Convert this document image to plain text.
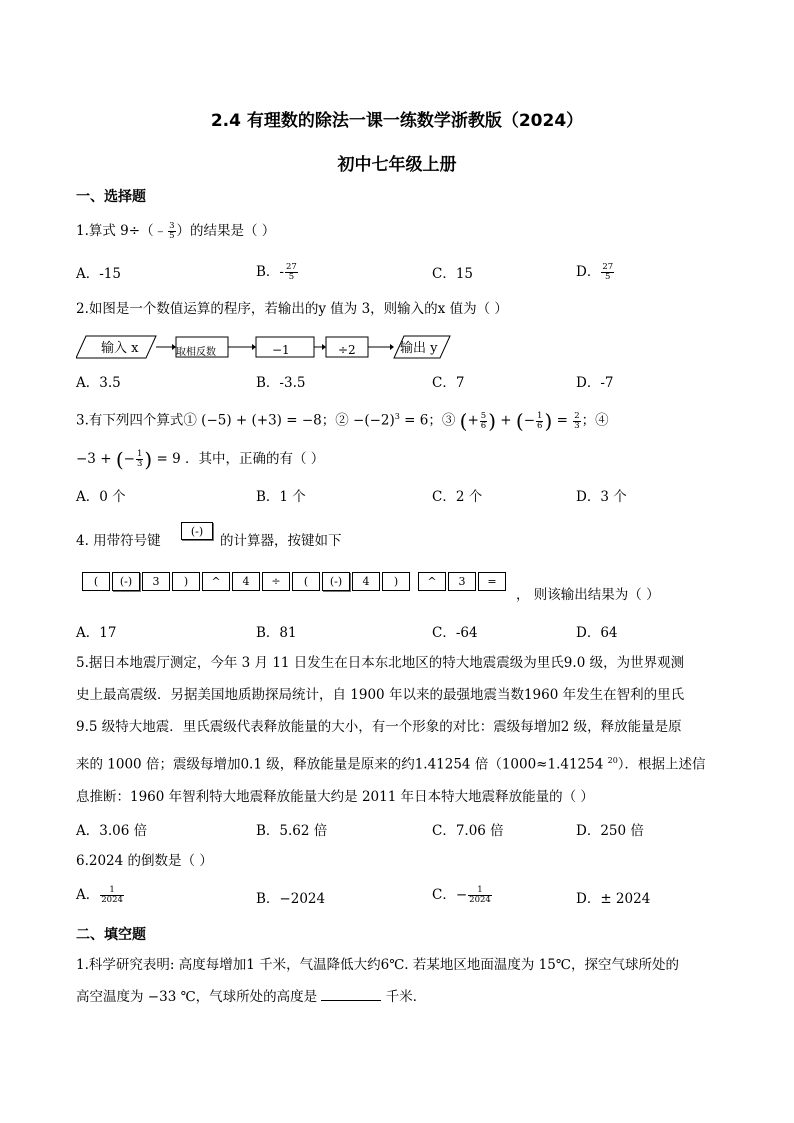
2.4 有理数的除法一课一练数学浙教版（2024）
初中七年级上册
一、选择题
1.算式 9÷（﹣ $\frac{3}{5}$ ）的结果是（ ）
A．-15	B．- $\frac{27}{5}$	C．15	D． $\frac{27}{5}$
2.如图是一个数值运算的程序，若输出的y 值为 3，则输入的x 值为（ ）
输入 x	取相反数	−1	÷2	输出 y
A．3.5	B．-3.5	C．7	D．-7
3.有下列四个算式① (−5) + (+3) = −8；② $-(-2)^3 = 6$；③ (+ $\frac{5}{6}$ ) + (− $\frac{1}{6}$ ) = $\frac{2}{3}$ ；④
−3 + (− $\frac{1}{3}$ ) = 9 ．其中，正确的有（ ）
A．0 个	B．1 个	C．2 个	D．3 个
4. 用带符号键
(-)
的计算器，按键如下
( (-) 3 ) ^ 4 ÷ ( (-) 4 )	^ 3 =
， 则该输出结果为（ ）
A．17	B．81	C．-64	D．64
5.据日本地震厅测定，今年 3 月 11 日发生在日本东北地区的特大地震震级为里氏9.0 级，为世界观测
史上最高震级．另据美国地质勘探局统计，自 1900 年以来的最强地震当数1960 年发生在智利的里氏
9.5 级特大地震．里氏震级代表释放能量的大小，有一个形象的对比：震级每增加2 级，释放能量是原
来的 1000 倍；震级每增加0.1 级，释放能量是原来的约1.41254 倍（1000≈1.41254 $^{20}$）．根据上述信
息推断：1960 年智利特大地震释放能量大约是 2011 年日本特大地震释放能量的（ ）
A．3.06 倍	B．5.62 倍	C．7.06 倍	D．250 倍
6.2024 的倒数是（ ）
A． $\frac{1}{2024}$	B．−2024	C．− $\frac{1}{2024}$	D．± 2024
二、填空题
1.科学研究表明: 高度每增加1 千米，气温降低大约6℃. 若某地区地面温度为 15℃，探空气球所处的
高空温度为 −33 ℃，气球所处的高度是	千米．
